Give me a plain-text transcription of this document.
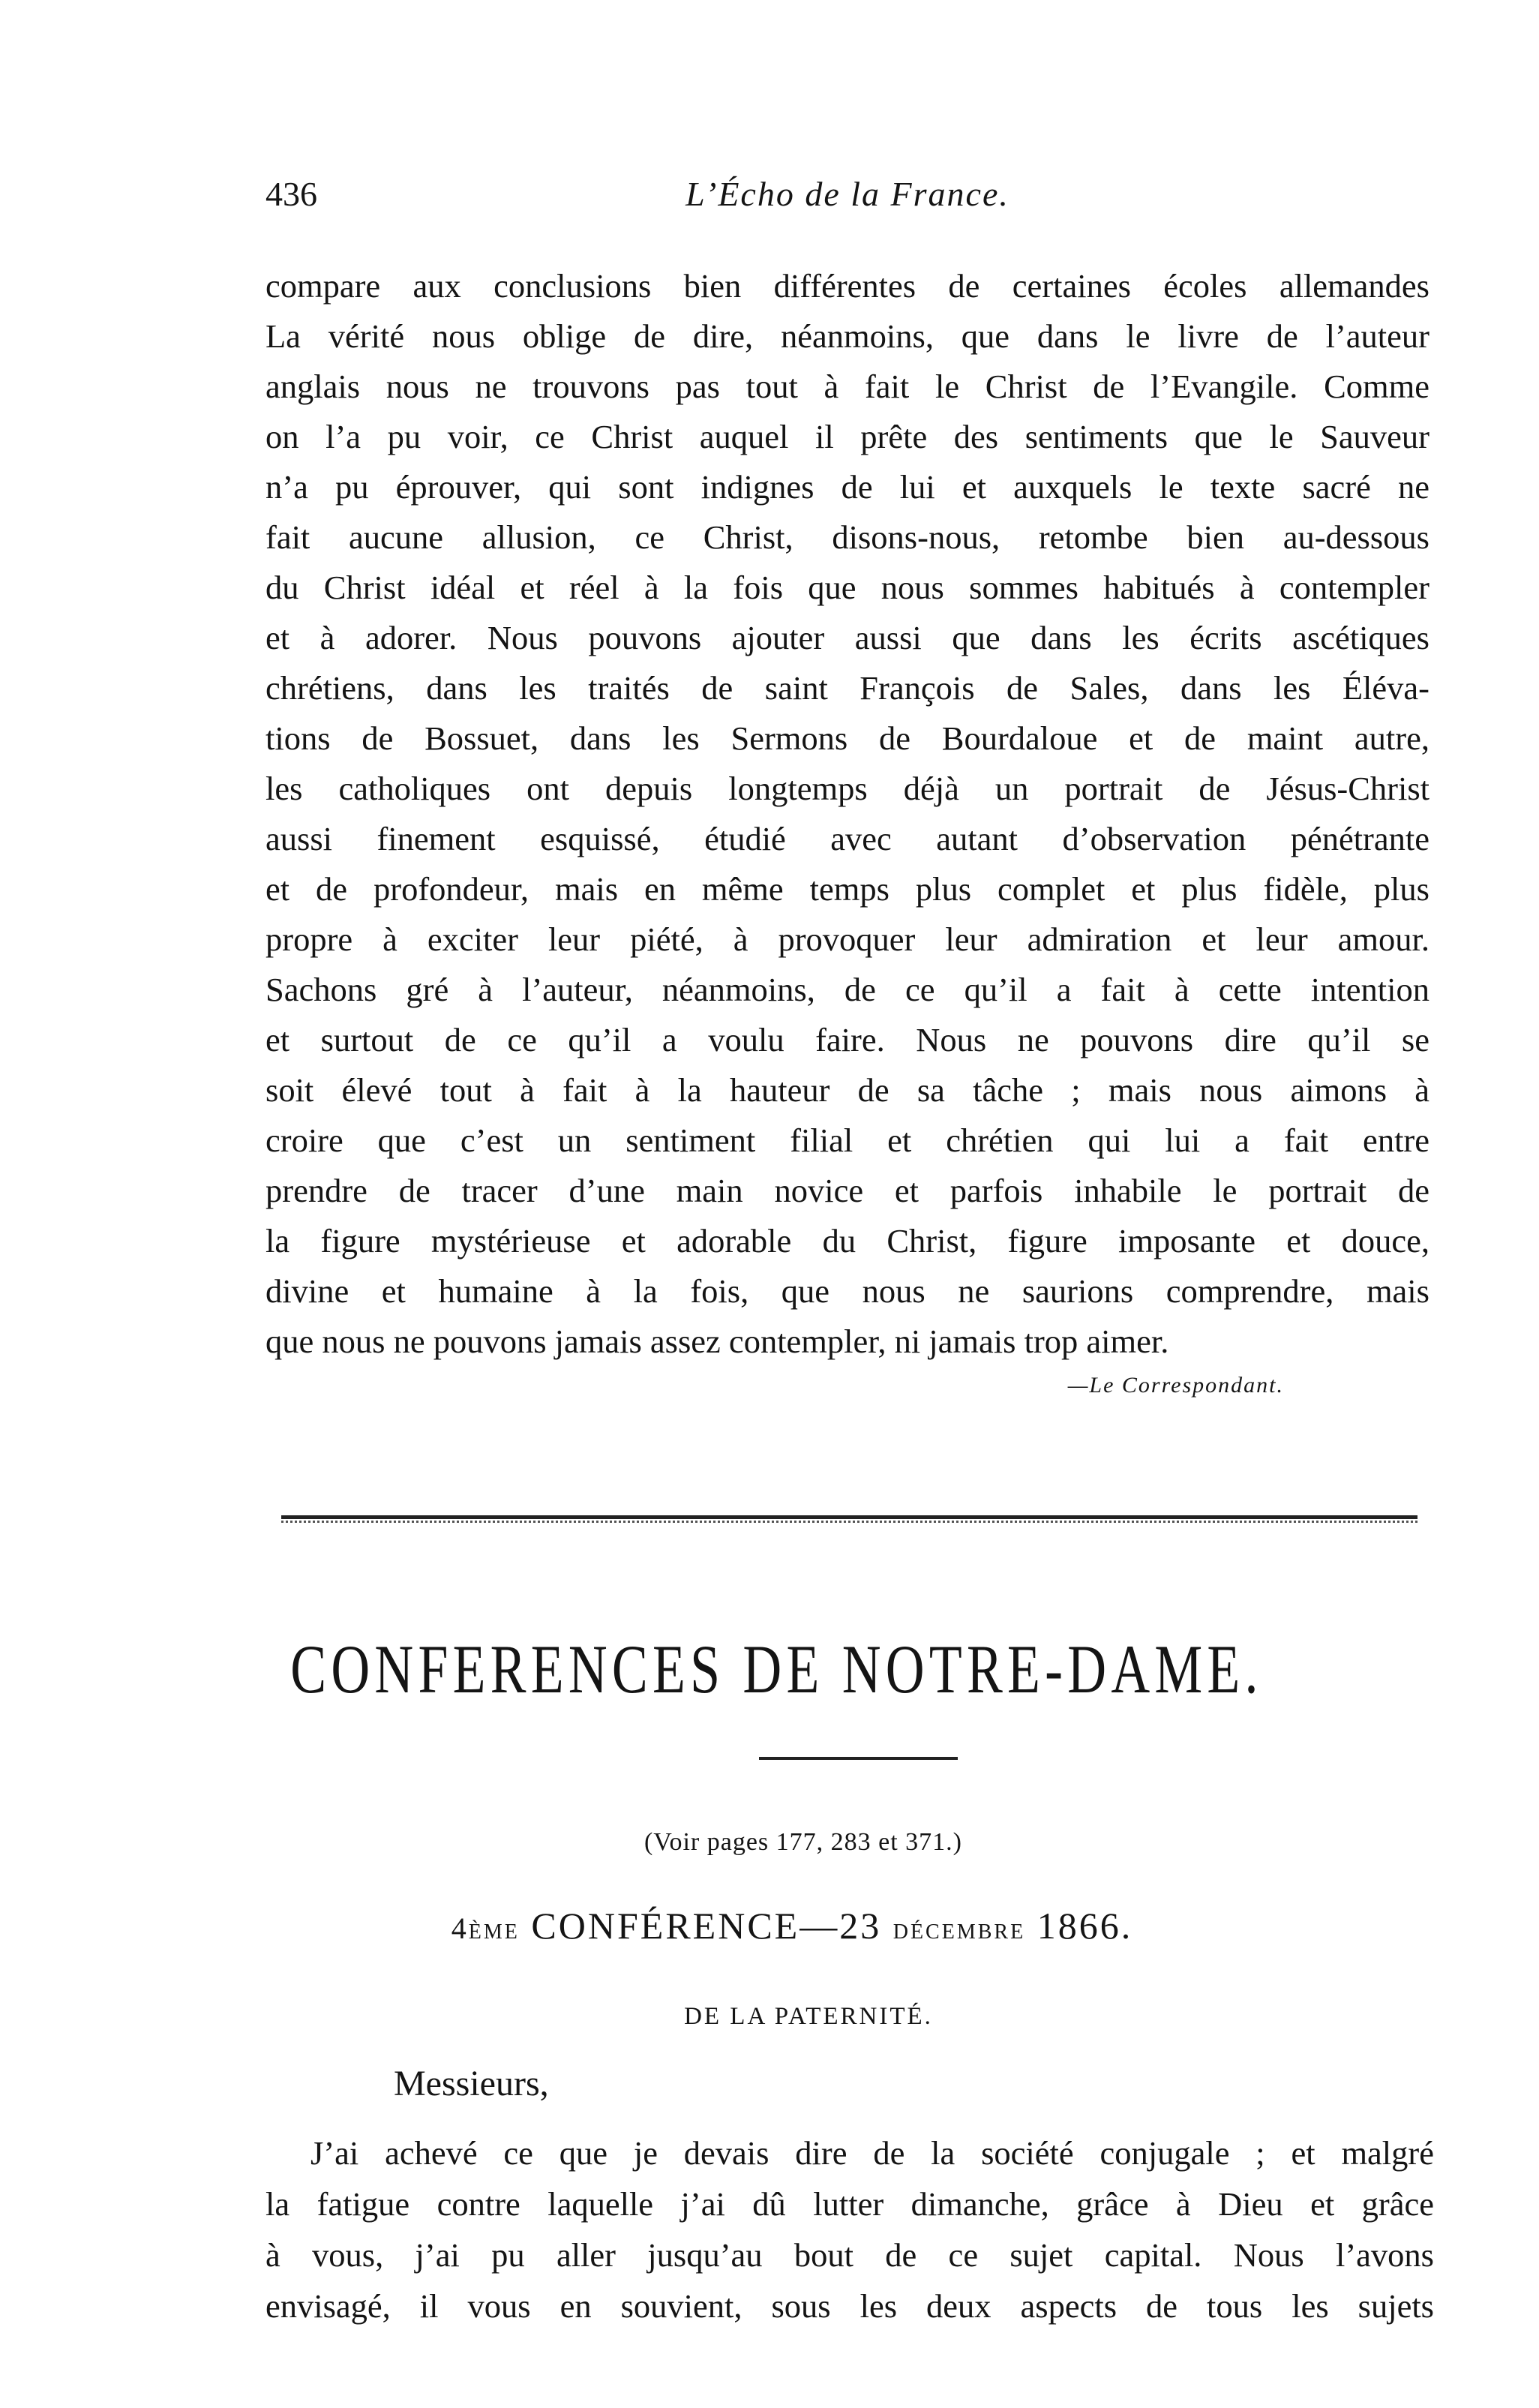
436	L’Écho de la France.

compare aux conclusions bien différentes de certaines écoles allemandes

La vérité nous oblige de dire, néanmoins, que dans le livre de l’auteur

anglais nous ne trouvons pas tout à fait le Christ de l’Evangile. Comme

on l’a pu voir, ce Christ auquel il prête des sentiments que le Sauveur

n’a pu éprouver, qui sont indignes de lui et auxquels le texte sacré ne

fait aucune allusion, ce Christ, disons-nous, retombe bien au-dessous

du Christ idéal et réel à la fois que nous sommes habitués à contempler

et à adorer. Nous pouvons ajouter aussi que dans les écrits ascétiques

chrétiens, dans les traités de saint François de Sales, dans les Éléva-

tions de Bossuet, dans les Sermons de Bourdaloue et de maint autre,

les catholiques ont depuis longtemps déjà un portrait de Jésus-Christ

aussi finement esquissé, étudié avec autant d’observation pénétrante

et de profondeur, mais en même temps plus complet et plus fidèle, plus

propre à exciter leur piété, à provoquer leur admiration et leur amour.

Sachons gré à l’auteur, néanmoins, de ce qu’il a fait à cette intention

et surtout de ce qu’il a voulu faire. Nous ne pouvons dire qu’il se

soit élevé tout à fait à la hauteur de sa tâche ; mais nous aimons à

croire que c’est un sentiment filial et chrétien qui lui a fait entre

prendre de tracer d’une main novice et parfois inhabile le portrait de

la figure mystérieuse et adorable du Christ, figure imposante et douce,

divine et humaine à la fois, que nous ne saurions comprendre, mais

que nous ne pouvons jamais assez contempler, ni jamais trop aimer.

—Le Correspondant.
CONFERENCES DE NOTRE-DAME.
(Voir pages 177, 283 et 371.)
4ème CONFÉRENCE—23 décembre 1866.
DE LA PATERNITÉ.
Messieurs,

J’ai achevé ce que je devais dire de la société conjugale ; et malgré

la fatigue contre laquelle j’ai dû lutter dimanche, grâce à Dieu et grâce

à vous, j’ai pu aller jusqu’au bout de ce sujet capital. Nous l’avons

envisagé, il vous en souvient, sous les deux aspects de tous les sujets
